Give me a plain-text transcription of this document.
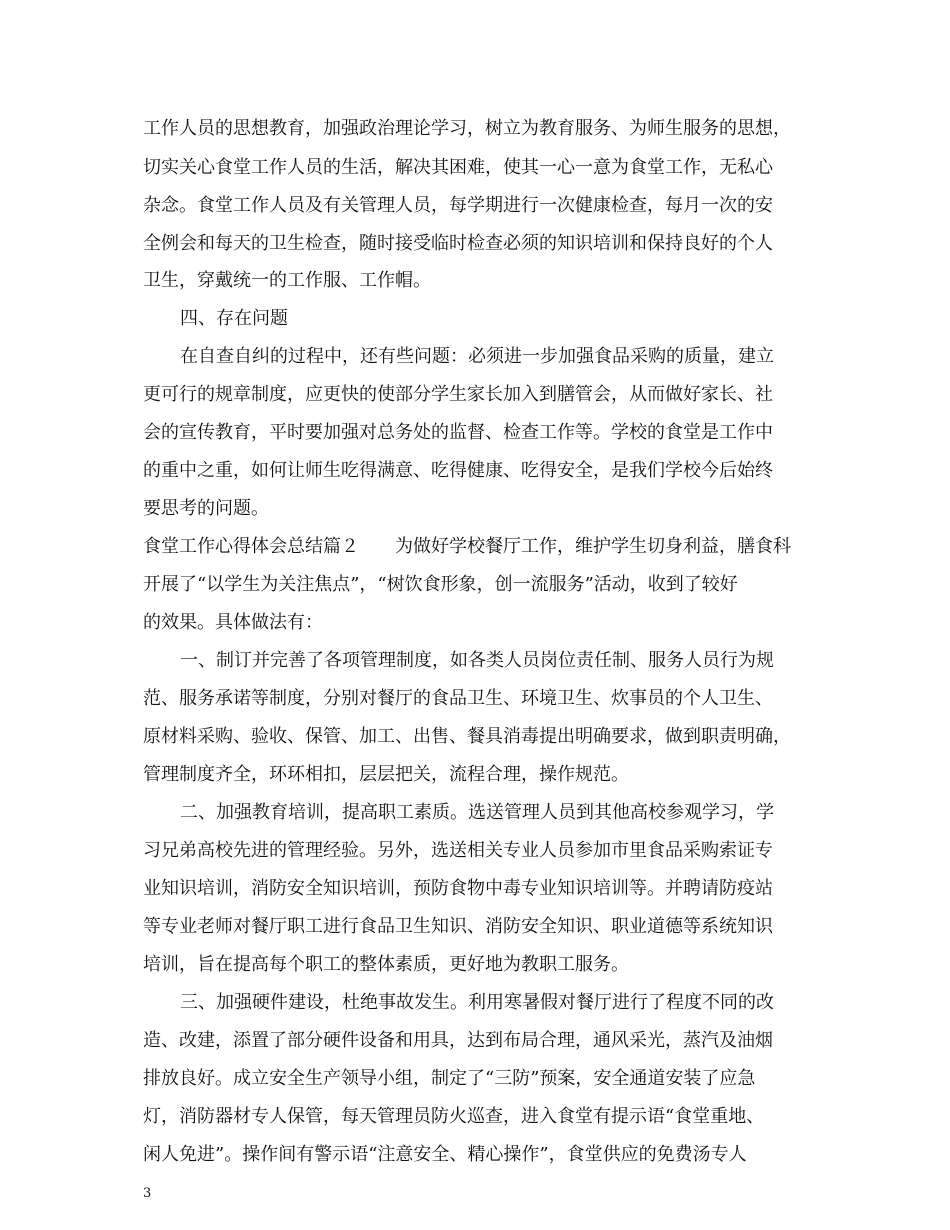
工作人员的思想教育，加强政治理论学习，树立为教育服务、为师生服务的思想，
切实关心食堂工作人员的生活，解决其困难，使其一心一意为食堂工作，无私心
杂念。食堂工作人员及有关管理人员，每学期进行一次健康检查，每月一次的安
全例会和每天的卫生检查，随时接受临时检查必须的知识培训和保持良好的个人
卫生，穿戴统一的工作服、工作帽。
四、存在问题
在自查自纠的过程中，还有些问题：必须进一步加强食品采购的质量，建立
更可行的规章制度，应更快的使部分学生家长加入到膳管会，从而做好家长、社
会的宣传教育，平时要加强对总务处的监督、检查工作等。学校的食堂是工作中
的重中之重，如何让师生吃得满意、吃得健康、吃得安全，是我们学校今后始终
要思考的问题。
食堂工作心得体会总结篇２　　为做好学校餐厅工作，维护学生切身利益，膳食科
开展了“以学生为关注焦点”，“树饮食形象，创一流服务”活动，收到了较好
的效果。具体做法有：
一、制订并完善了各项管理制度，如各类人员岗位责任制、服务人员行为规
范、服务承诺等制度，分别对餐厅的食品卫生、环境卫生、炊事员的个人卫生、
原材料采购、验收、保管、加工、出售、餐具消毒提出明确要求，做到职责明确，
管理制度齐全，环环相扣，层层把关，流程合理，操作规范。
二、加强教育培训，提高职工素质。选送管理人员到其他高校参观学习，学
习兄弟高校先进的管理经验。另外，选送相关专业人员参加市里食品采购索证专
业知识培训，消防安全知识培训，预防食物中毒专业知识培训等。并聘请防疫站
等专业老师对餐厅职工进行食品卫生知识、消防安全知识、职业道德等系统知识
培训，旨在提高每个职工的整体素质，更好地为教职工服务。
三、加强硬件建设，杜绝事故发生。利用寒暑假对餐厅进行了程度不同的改
造、改建，添置了部分硬件设备和用具，达到布局合理，通风采光，蒸汽及油烟
排放良好。成立安全生产领导小组，制定了“三防”预案，安全通道安装了应急
灯，消防器材专人保管，每天管理员防火巡查，进入食堂有提示语“食堂重地、
闲人免进”。操作间有警示语“注意安全、精心操作”，食堂供应的免费汤专人
3
